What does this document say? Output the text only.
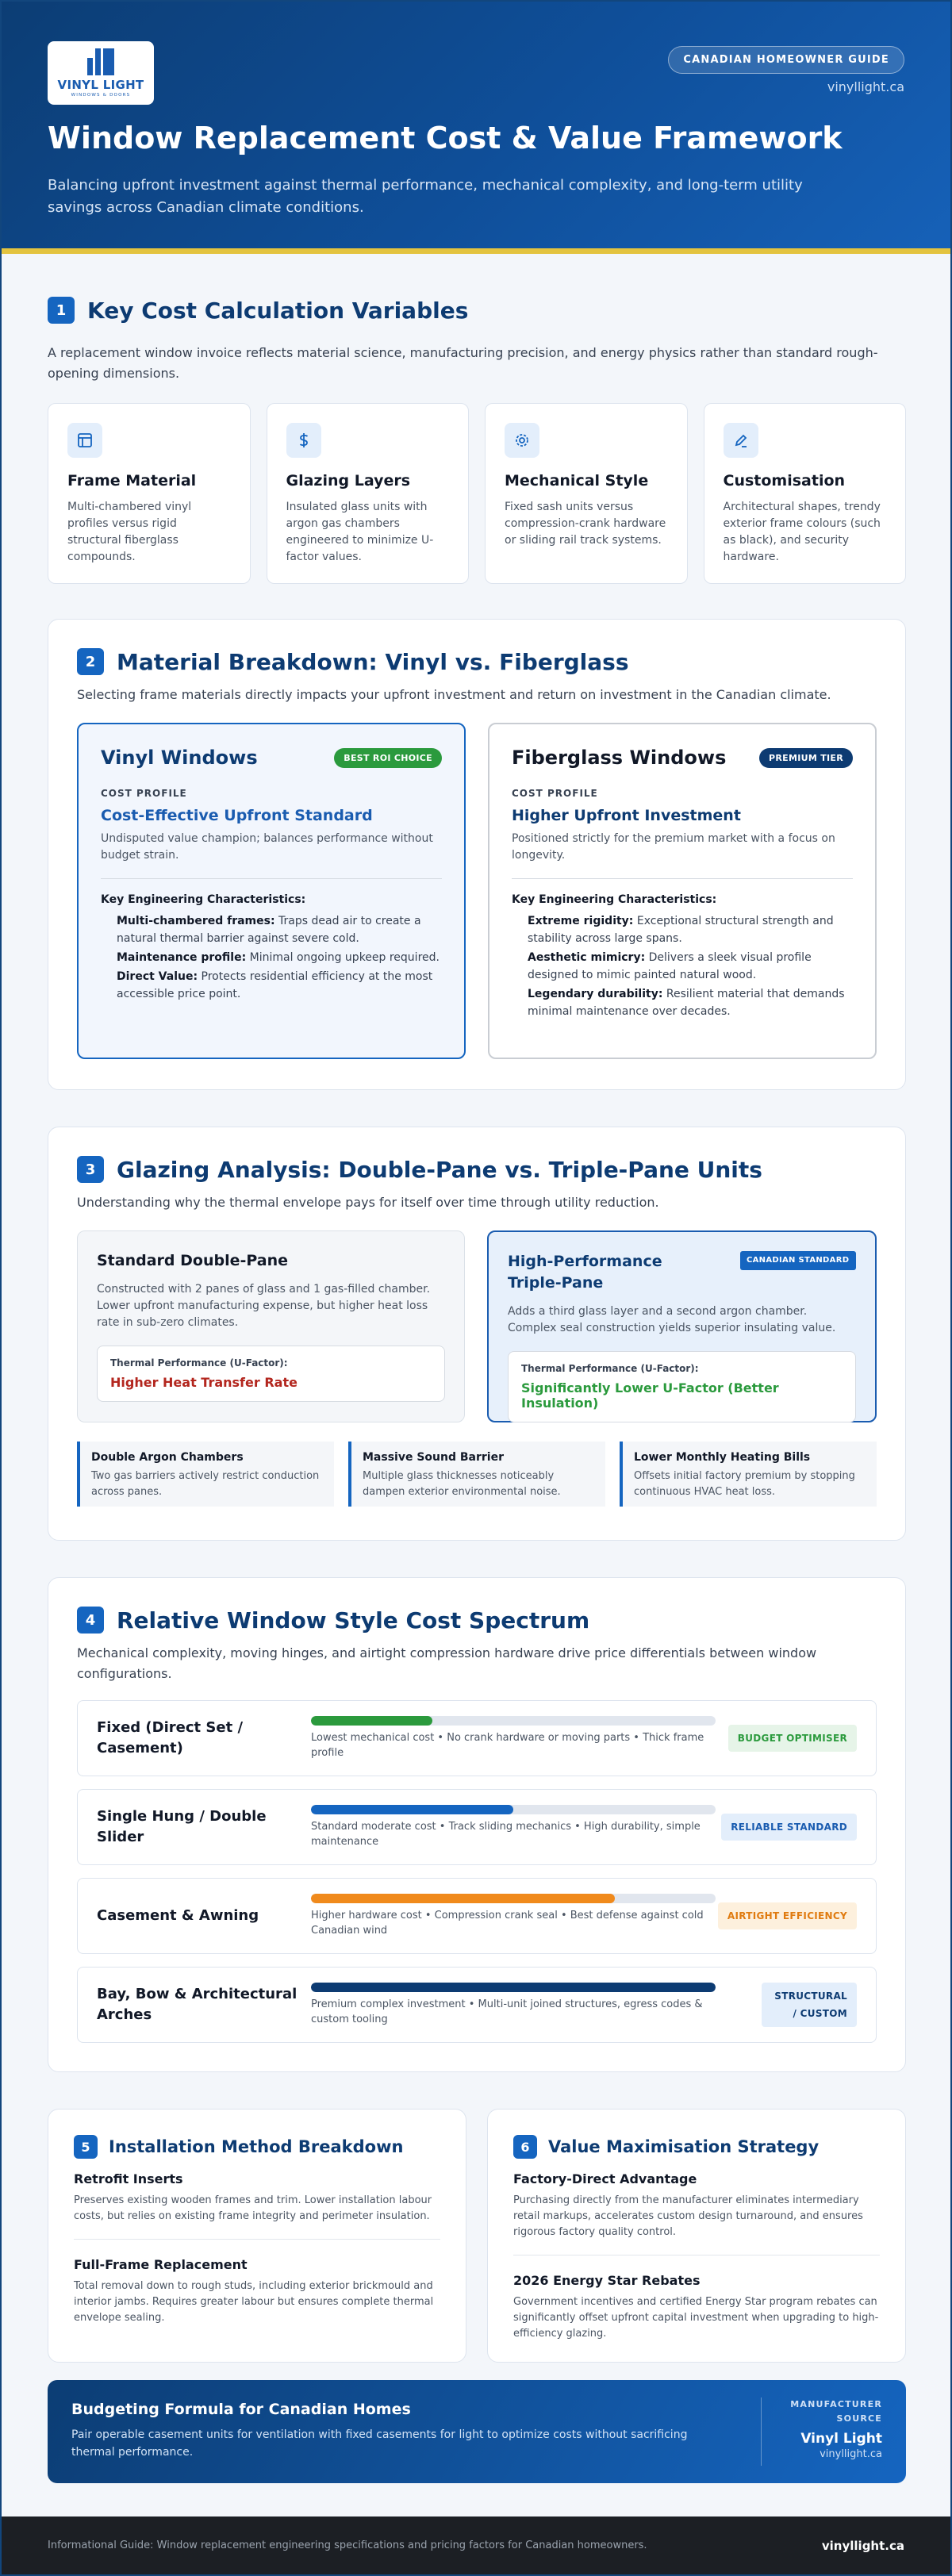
VINYL LIGHT
WINDOWS & DOORS
CANADIAN HOMEOWNER GUIDE
vinyllight.ca
Window Replacement Cost & Value Framework
Balancing upfront investment against thermal performance, mechanical complexity, and long-term utility savings across Canadian climate conditions.
1 Key Cost Calculation Variables
A replacement window invoice reflects material science, manufacturing precision, and energy physics rather than standard rough-opening dimensions.
Frame Material
Multi-chambered vinyl profiles versus rigid structural fiberglass compounds.
Glazing Layers
Insulated glass units with argon gas chambers engineered to minimize U-factor values.
Mechanical Style
Fixed sash units versus compression-crank hardware or sliding rail track systems.
Customisation
Architectural shapes, trendy exterior frame colours (such as black), and security hardware.
2 Material Breakdown: Vinyl vs. Fiberglass
Selecting frame materials directly impacts your upfront investment and return on investment in the Canadian climate.
Vinyl Windows	BEST ROI CHOICE
COST PROFILE
Cost-Effective Upfront Standard
Undisputed value champion; balances performance without budget strain.
Key Engineering Characteristics:

Multi-chambered frames: Traps dead air to create a natural thermal barrier against severe cold.

Maintenance profile: Minimal ongoing upkeep required.

Direct Value: Protects residential efficiency at the most accessible price point.

Fiberglass Windows	PREMIUM TIER
COST PROFILE
Higher Upfront Investment
Positioned strictly for the premium market with a focus on longevity.
Key Engineering Characteristics:

Extreme rigidity: Exceptional structural strength and stability across large spans.

Aesthetic mimicry: Delivers a sleek visual profile designed to mimic painted natural wood.

Legendary durability: Resilient material that demands minimal maintenance over decades.

3 Glazing Analysis: Double-Pane vs. Triple-Pane Units
Understanding why the thermal envelope pays for itself over time through utility reduction.
Standard Double-Pane
Constructed with 2 panes of glass and 1 gas-filled chamber. Lower upfront manufacturing expense, but higher heat loss rate in sub-zero climates.
Thermal Performance (U-Factor):
Higher Heat Transfer Rate
High-Performance Triple-Pane
CANADIAN STANDARD
Adds a third glass layer and a second argon chamber. Complex seal construction yields superior insulating value.
Thermal Performance (U-Factor):
Significantly Lower U-Factor (Better Insulation)
Double Argon Chambers
Two gas barriers actively restrict conduction across panes.
Massive Sound Barrier
Multiple glass thicknesses noticeably dampen exterior environmental noise.
Lower Monthly Heating Bills
Offsets initial factory premium by stopping continuous HVAC heat loss.
4 Relative Window Style Cost Spectrum
Mechanical complexity, moving hinges, and airtight compression hardware drive price differentials between window configurations.
Fixed (Direct Set / Casement)
Lowest mechanical cost • No crank hardware or moving parts • Thick frame profile
BUDGET OPTIMISER
Single Hung / Double Slider
Standard moderate cost • Track sliding mechanics • High durability, simple maintenance
RELIABLE STANDARD
Casement & Awning	Higher hardware cost • Compression crank seal • Best defense against cold Canadian wind
AIRTIGHT EFFICIENCY
Bay, Bow & Architectural Arches
Premium complex investment • Multi-unit joined structures, egress codes & custom tooling
STRUCTURAL / CUSTOM
5	Installation Method Breakdown
Retrofit Inserts
Preserves existing wooden frames and trim. Lower installation labour costs, but relies on existing frame integrity and perimeter insulation.
Full-Frame Replacement
Total removal down to rough studs, including exterior brickmould and interior jambs. Requires greater labour but ensures complete thermal envelope sealing.
6	Value Maximisation Strategy
Factory-Direct Advantage
Purchasing directly from the manufacturer eliminates intermediary retail markups, accelerates custom design turnaround, and ensures rigorous factory quality control.
2026 Energy Star Rebates
Government incentives and certified Energy Star program rebates can significantly offset upfront capital investment when upgrading to high-efficiency glazing.
Budgeting Formula for Canadian Homes
Pair operable casement units for ventilation with fixed casements for light to optimize costs without sacrificing thermal performance.
MANUFACTURER
SOURCE
Vinyl Light
vinyllight.ca
Informational Guide: Window replacement engineering specifications and pricing factors for Canadian homeowners.	vinyllight.ca
